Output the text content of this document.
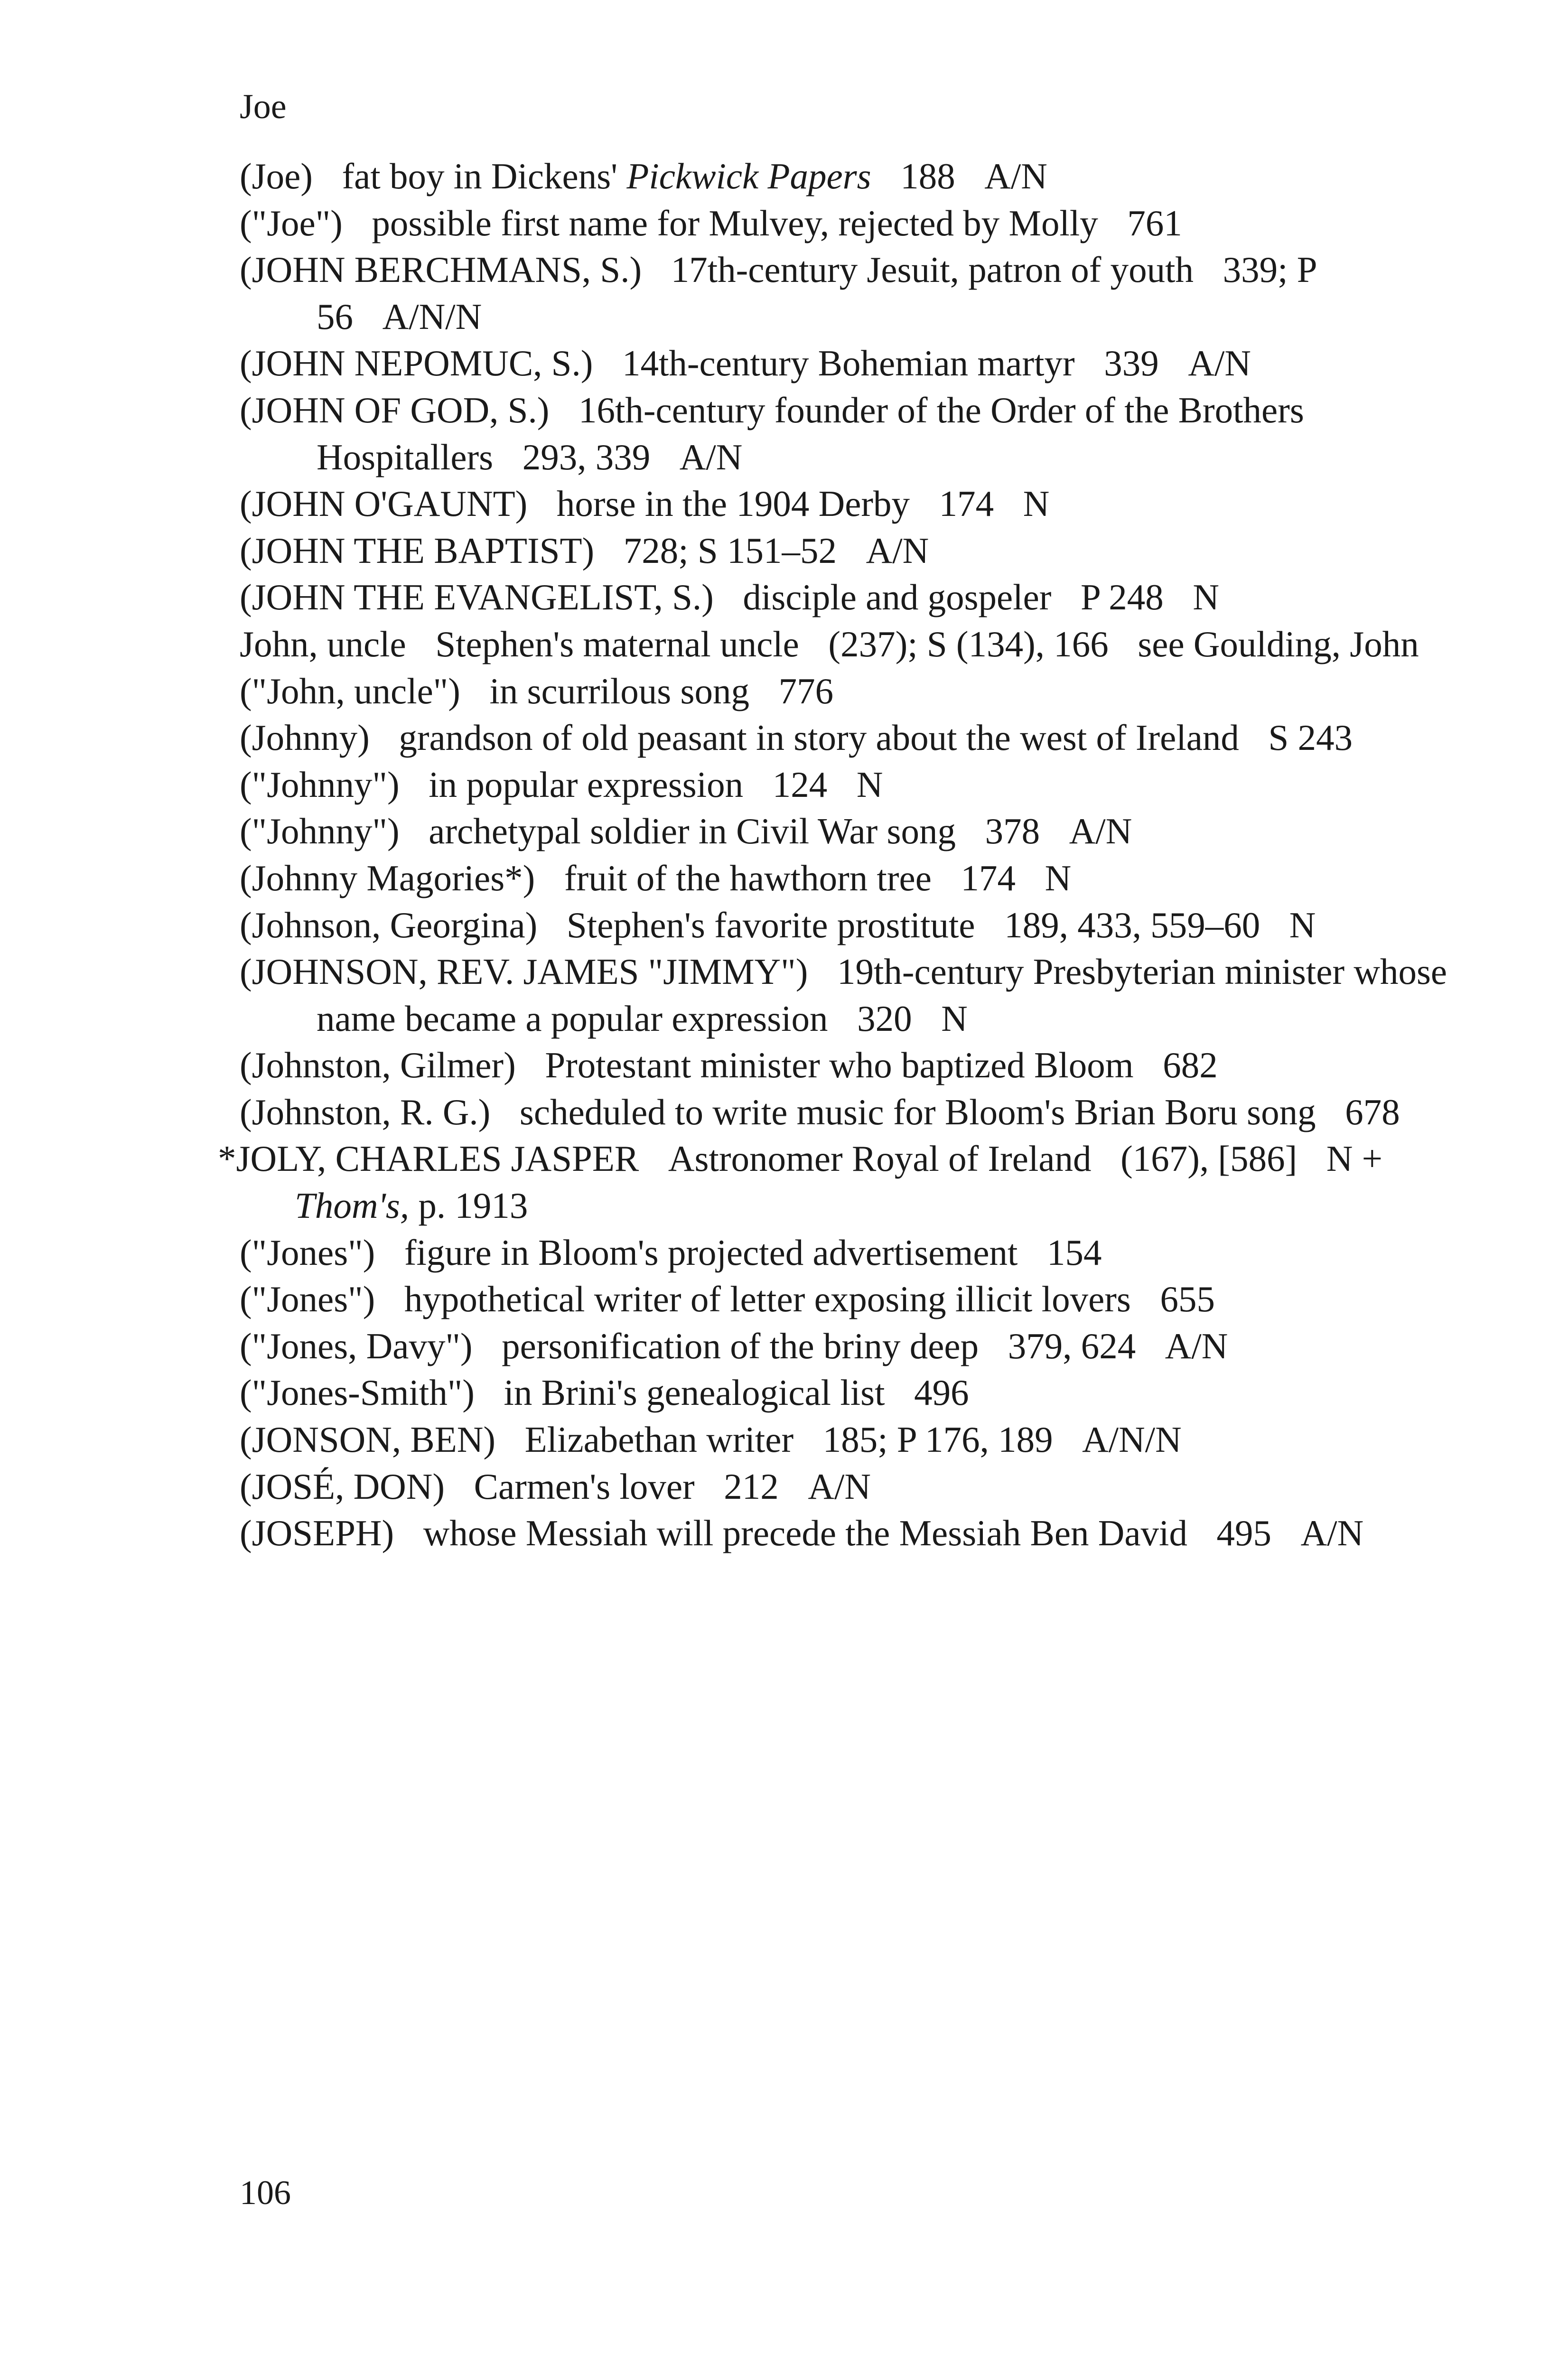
Joe

(Joe) fat boy in Dickens' Pickwick Papers 188 A/N

("Joe") possible first name for Mulvey, rejected by Molly 761

(JOHN BERCHMANS, S.) 17th-century Jesuit, patron of youth 339; P 56 A/N/N

(JOHN NEPOMUC, S.) 14th-century Bohemian martyr 339 A/N

(JOHN OF GOD, S.) 16th-century founder of the Order of the Brothers Hospitallers 293, 339 A/N

(JOHN O'GAUNT) horse in the 1904 Derby 174 N

(JOHN THE BAPTIST) 728; S 151–52 A/N

(JOHN THE EVANGELIST, S.) disciple and gospeler P 248 N

John, uncle Stephen's maternal uncle (237); S (134), 166 see Goulding, John

("John, uncle") in scurrilous song 776

(Johnny) grandson of old peasant in story about the west of Ireland S 243

("Johnny") in popular expression 124 N

("Johnny") archetypal soldier in Civil War song 378 A/N

(Johnny Magories*) fruit of the hawthorn tree 174 N

(Johnson, Georgina) Stephen's favorite prostitute 189, 433, 559–60 N

(JOHNSON, REV. JAMES "JIMMY") 19th-century Presbyterian minister whose name became a popular expression 320 N

(Johnston, Gilmer) Protestant minister who baptized Bloom 682

(Johnston, R. G.) scheduled to write music for Bloom's Brian Boru song 678

*JOLY, CHARLES JASPER Astronomer Royal of Ireland (167), [586] N + Thom's, p. 1913

("Jones") figure in Bloom's projected advertisement 154

("Jones") hypothetical writer of letter exposing illicit lovers 655

("Jones, Davy") personification of the briny deep 379, 624 A/N

("Jones-Smith") in Brini's genealogical list 496

(JONSON, BEN) Elizabethan writer 185; P 176, 189 A/N/N

(JOSÉ, DON) Carmen's lover 212 A/N

(JOSEPH) whose Messiah will precede the Messiah Ben David 495 A/N

106
